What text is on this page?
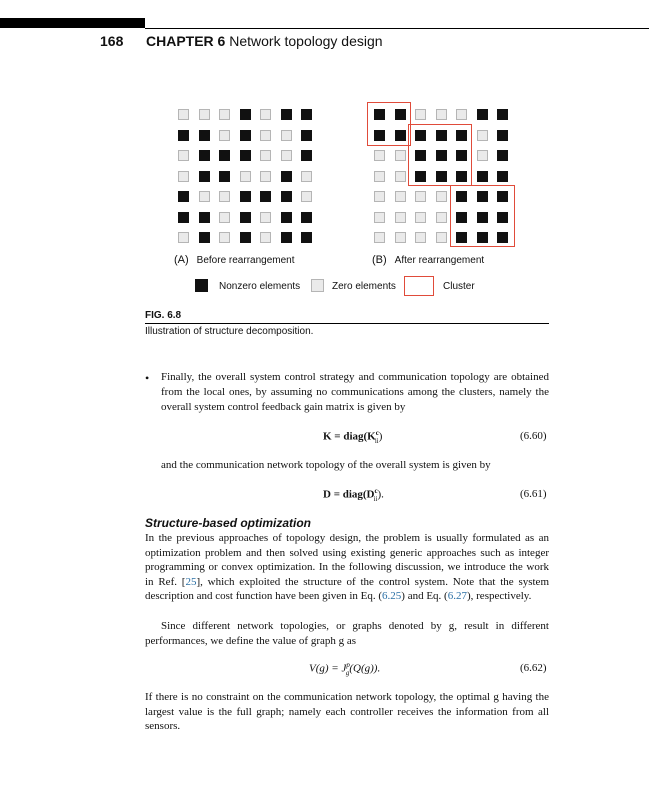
168 CHAPTER 6 Network topology design
(A) Before rearrangement	(B) After rearrangement
Nonzero elements	Zero elements	Cluster
FIG. 6.8
Illustration of structure decomposition.
• Finally, the overall system control strategy and communication topology are obtained from the local ones, by assuming no communications among the clusters, namely the overall system control feedback gain matrix is given by
$K = diag(K^c_{ii})$	(6.60)
and the communication network topology of the overall system is given by
$D = diag(D^c_{ii})$.	(6.61)
Structure-based optimization
In the previous approaches of topology design, the problem is usually formulated as an optimization problem and then solved using existing generic approaches such as integer programming or convex optimization. In the following discussion, we introduce the work in Ref. [25], which exploited the structure of the control system. Note that the system description and cost function have been given in Eq. (6.25) and Eq. (6.27), respectively.
Since different network topologies, or graphs denoted by g, result in different performances, we define the value of graph g as
$V(g) = J^p_g(Q(g))$.	(6.62)
If there is no constraint on the communication network topology, the optimal g having the largest value is the full graph; namely each controller receives the information from all sensors.
